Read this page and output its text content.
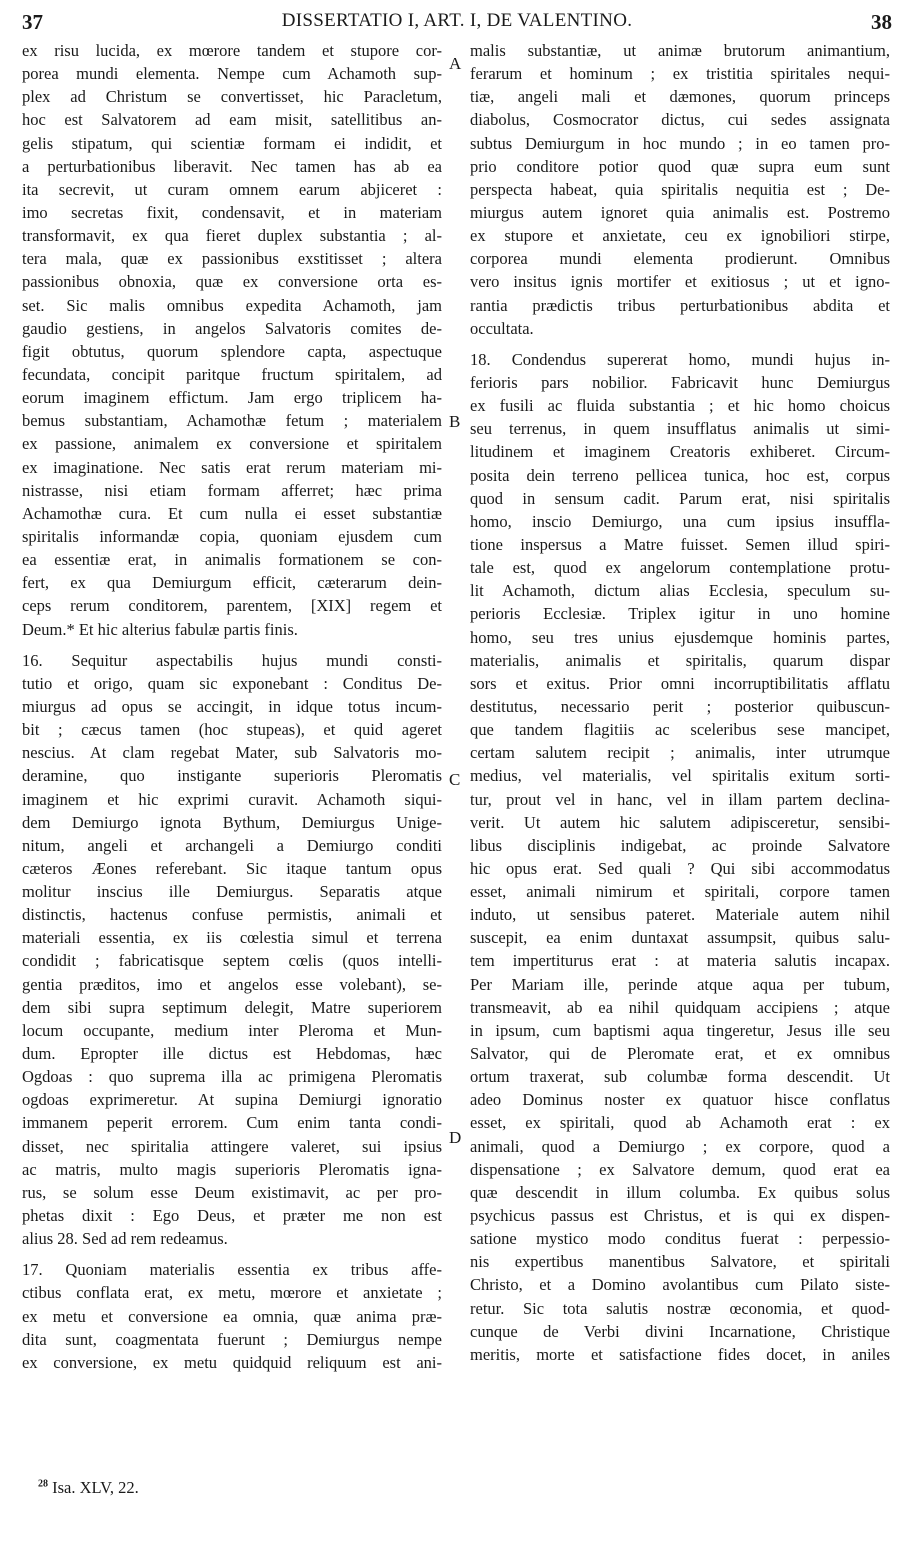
37	DISSERTATIO I, ART. I, DE VALENTINO.	38
ex risu lucida, ex mœrore tandem et stupore cor-
porea mundi elementa. Nempe cum Achamoth sup-
plex ad Christum se convertisset, hic Paracletum,
hoc est Salvatorem ad eam misit, satellitibus an-
gelis stipatum, qui scientiæ formam ei indidit, et
a perturbationibus liberavit. Nec tamen has ab ea
ita secrevit, ut curam omnem earum abjiceret :
imo secretas fixit, condensavit, et in materiam
transformavit, ex qua fieret duplex substantia ; al-
tera mala, quæ ex passionibus exstitisset ; altera
passionibus obnoxia, quæ ex conversione orta es-
set. Sic malis omnibus expedita Achamoth, jam
gaudio gestiens, in angelos Salvatoris comites de-
figit obtutus, quorum splendore capta, aspectuque
fecundata, concipit paritque fructum spiritalem, ad
eorum imaginem effictum. Jam ergo triplicem ha-
bemus substantiam, Achamothæ fetum ; materialem
ex passione, animalem ex conversione et spiritalem
ex imaginatione. Nec satis erat rerum materiam mi-
nistrasse, nisi etiam formam afferret; hæc prima
Achamothæ cura. Et cum nulla ei esset substantiæ
spiritalis informandæ copia, quoniam ejusdem cum
ea essentiæ erat, in animalis formationem se con-
fert, ex qua Demiurgum efficit, cæterarum dein-
ceps rerum conditorem, parentem, [XIX] regem et
Deum.* Et hic alterius fabulæ partis finis.
16. Sequitur aspectabilis hujus mundi consti-
tutio et origo, quam sic exponebant : Conditus De-
miurgus ad opus se accingit, in idque totus incum-
bit ; cæcus tamen (hoc stupeas), et quid ageret
nescius. At clam regebat Mater, sub Salvatoris mo-
deramine, quo instigante superioris Pleromatis
imaginem et hic exprimi curavit. Achamoth siqui-
dem Demiurgo ignota Bythum, Demiurgus Unige-
nitum, angeli et archangeli a Demiurgo conditi
cæteros Æones referebant. Sic itaque tantum opus
molitur inscius ille Demiurgus. Separatis atque
distinctis, hactenus confuse permistis, animali et
materiali essentia, ex iis cœlestia simul et terrena
condidit ; fabricatisque septem cœlis (quos intelli-
gentia præditos, imo et angelos esse volebant), se-
dem sibi supra septimum delegit, Matre superiorem
locum occupante, medium inter Pleroma et Mun-
dum. Epropter ille dictus est Hebdomas, hæc
Ogdoas : quo suprema illa ac primigena Pleromatis
ogdoas exprimeretur. At supina Demiurgi ignoratio
immanem peperit errorem. Cum enim tanta condi-
disset, nec spiritalia attingere valeret, sui ipsius
ac matris, multo magis superioris Pleromatis igna-
rus, se solum esse Deum existimavit, ac per pro-
phetas dixit : Ego Deus, et præter me non est
alius 28. Sed ad rem redeamus.
17. Quoniam materialis essentia ex tribus affe-
ctibus conflata erat, ex metu, mœrore et anxietate ;
ex metu et conversione ea omnia, quæ anima præ-
dita sunt, coagmentata fuerunt ; Demiurgus nempe
ex conversione, ex metu quidquid reliquum est ani-
malis substantiæ, ut animæ brutorum animantium,
ferarum et hominum ; ex tristitia spiritales nequi-
tiæ, angeli mali et dæmones, quorum princeps
diabolus, Cosmocrator dictus, cui sedes assignata
subtus Demiurgum in hoc mundo ; in eo tamen pro-
prio conditore potior quod quæ supra eum sunt
perspecta habeat, quia spiritalis nequitia est ; De-
miurgus autem ignoret quia animalis est. Postremo
ex stupore et anxietate, ceu ex ignobiliori stirpe,
corporea mundi elementa prodierunt. Omnibus
vero insitus ignis mortifer et exitiosus ; ut et igno-
rantia prædictis tribus perturbationibus abdita et
occultata.
18. Condendus supererat homo, mundi hujus in-
ferioris pars nobilior. Fabricavit hunc Demiurgus
ex fusili ac fluida substantia ; et hic homo choicus
seu terrenus, in quem insufflatus animalis ut simi-
litudinem et imaginem Creatoris exhiberet. Circum-
posita dein terreno pellicea tunica, hoc est, corpus
quod in sensum cadit. Parum erat, nisi spiritalis
homo, inscio Demiurgo, una cum ipsius insuffla-
tione inspersus a Matre fuisset. Semen illud spiri-
tale est, quod ex angelorum contemplatione protu-
lit Achamoth, dictum alias Ecclesia, speculum su-
perioris Ecclesiæ. Triplex igitur in uno homine
homo, seu tres unius ejusdemque hominis partes,
materialis, animalis et spiritalis, quarum dispar
sors et exitus. Prior omni incorruptibilitatis afflatu
destitutus, necessario perit ; posterior quibuscun-
que tandem flagitiis ac sceleribus sese mancipet,
certam salutem recipit ; animalis, inter utrumque
medius, vel materialis, vel spiritalis exitum sorti-
tur, prout vel in hanc, vel in illam partem declina-
verit. Ut autem hic salutem adipisceretur, sensibi-
libus disciplinis indigebat, ac proinde Salvatore
hic opus erat. Sed quali ? Qui sibi accommodatus
esset, animali nimirum et spiritali, corpore tamen
induto, ut sensibus pateret. Materiale autem nihil
suscepit, ea enim duntaxat assumpsit, quibus salu-
tem impertiturus erat : at materia salutis incapax.
Per Mariam ille, perinde atque aqua per tubum,
transmeavit, ab ea nihil quidquam accipiens ; atque
in ipsum, cum baptismi aqua tingeretur, Jesus ille seu
Salvator, qui de Pleromate erat, et ex omnibus
ortum traxerat, sub columbæ forma descendit. Ut
adeo Dominus noster ex quatuor hisce conflatus
esset, ex spiritali, quod ab Achamoth erat : ex
animali, quod a Demiurgo ; ex corpore, quod a
dispensatione ; ex Salvatore demum, quod erat ea
quæ descendit in illum columba. Ex quibus solus
psychicus passus est Christus, et is qui ex dispen-
satione mystico modo conditus fuerat : perpessio-
nis expertibus manentibus Salvatore, et spiritali
Christo, et a Domino avolantibus cum Pilato siste-
retur. Sic tota salutis nostræ œconomia, et quod-
cunque de Verbi divini Incarnatione, Christique
meritis, morte et satisfactione fides docet, in aniles
A
B
C
D
$^{28}$ Isa. XLV, 22.
